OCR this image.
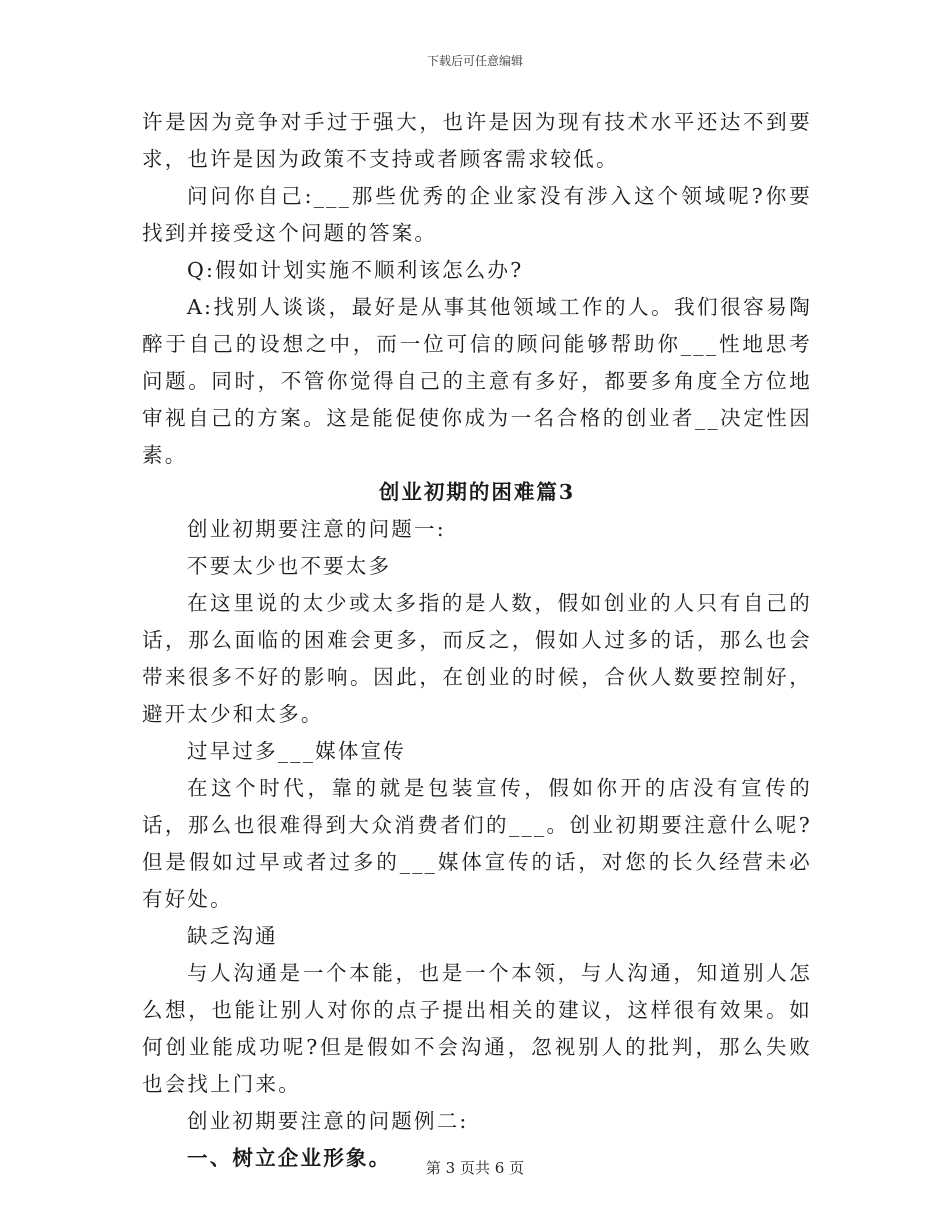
下载后可任意编辑

许是因为竞争对手过于强大，也许是因为现有技术水平还达不到要求，也许是因为政策不支持或者顾客需求较低。

问问你自己:___那些优秀的企业家没有涉入这个领域呢?你要找到并接受这个问题的答案。

Q:假如计划实施不顺利该怎么办?

A:找别人谈谈，最好是从事其他领域工作的人。我们很容易陶醉于自己的设想之中，而一位可信的顾问能够帮助你___性地思考问题。同时，不管你觉得自己的主意有多好，都要多角度全方位地审视自己的方案。这是能促使你成为一名合格的创业者__决定性因素。

创业初期的困难篇3

创业初期要注意的问题一:

不要太少也不要太多

在这里说的太少或太多指的是人数，假如创业的人只有自己的话，那么面临的困难会更多，而反之，假如人过多的话，那么也会带来很多不好的影响。因此，在创业的时候，合伙人数要控制好，避开太少和太多。

过早过多___媒体宣传

在这个时代，靠的就是包装宣传，假如你开的店没有宣传的话，那么也很难得到大众消费者们的___。创业初期要注意什么呢?但是假如过早或者过多的___媒体宣传的话，对您的长久经营未必有好处。

缺乏沟通

与人沟通是一个本能，也是一个本领，与人沟通，知道别人怎么想，也能让别人对你的点子提出相关的建议，这样很有效果。如何创业能成功呢?但是假如不会沟通，忽视别人的批判，那么失败也会找上门来。

创业初期要注意的问题例二:

一、树立企业形象。	第 3 页共 6 页
